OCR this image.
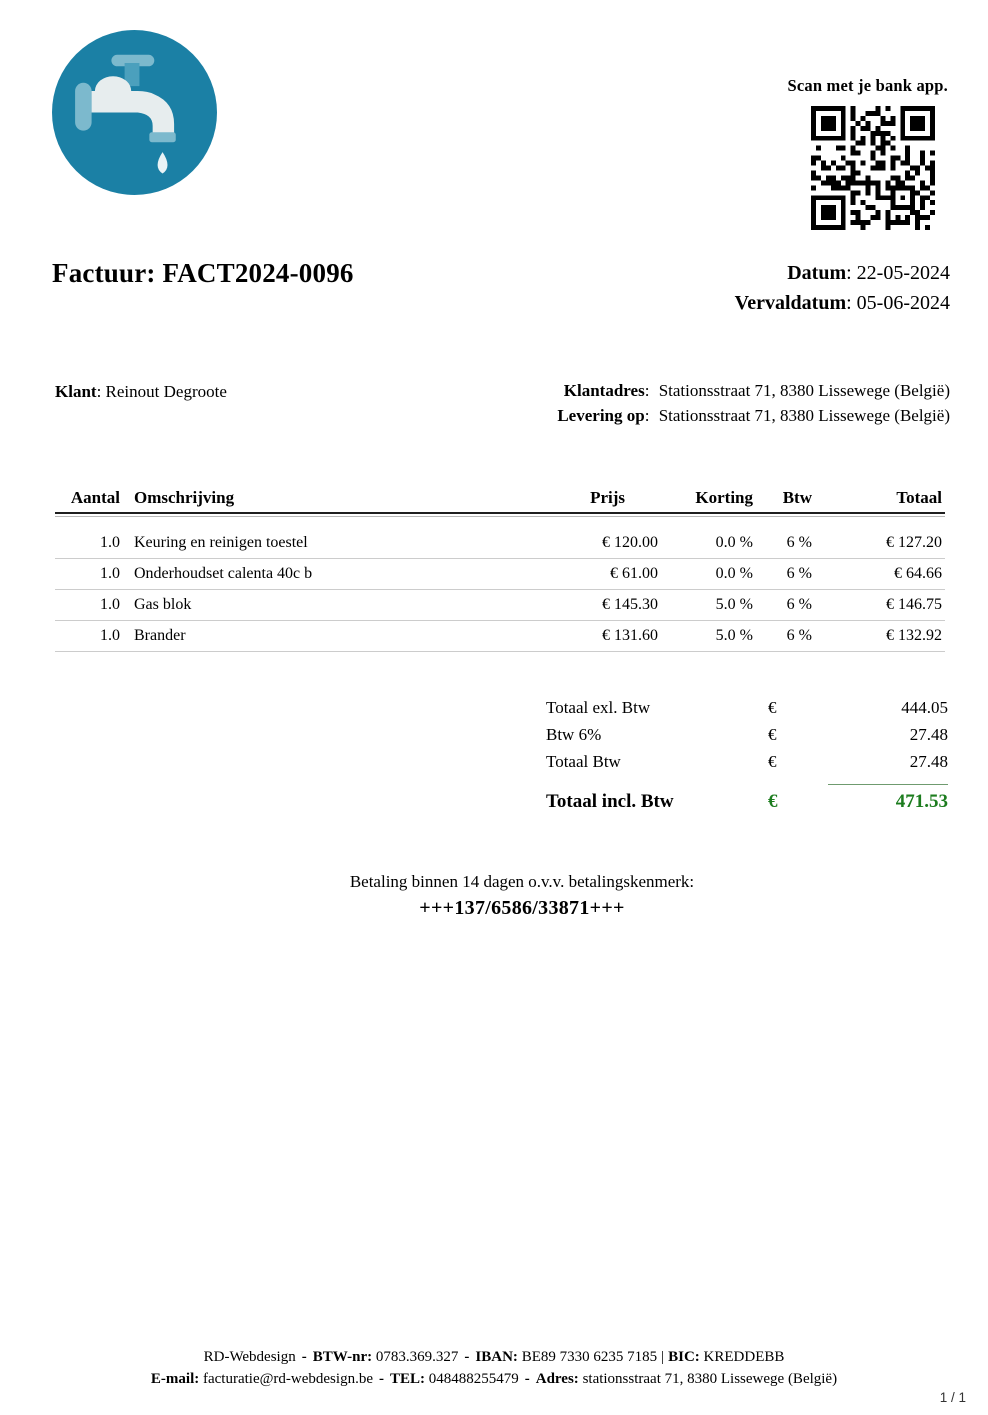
Scan met je bank app.
Factuur: FACT2024-0096	Datum: 22-05-2024
Vervaldatum: 05-06-2024
Klant: Reinout Degroote	Klantadres: Stationsstraat 71, 8380 Lissewege (België)
Levering op: Stationsstraat 71, 8380 Lissewege (België)
Aantal Omschrijving	Prijs	Korting	Btw	Totaal
1.0 Keuring en reinigen toestel	€ 120.00	0.0 %	6 %	€ 127.20
1.0 Onderhoudset calenta 40c b	€ 61.00	0.0 %	6 %	€ 64.66
1.0 Gas blok	€ 145.30	5.0 %	6 %	€ 146.75
1.0 Brander	€ 131.60	5.0 %	6 %	€ 132.92
Totaal exl. Btw	€	444.05
Btw 6%	€	27.48
Totaal Btw	€	27.48
Totaal incl. Btw	€	471.53
Betaling binnen 14 dagen o.v.v. betalingskenmerk:
+++137/6586/33871+++
RD-Webdesign - BTW-nr: 0783.369.327 - IBAN: BE89 7330 6235 7185 | BIC: KREDDEBB
E-mail: facturatie@rd-webdesign.be - TEL: 048488255479 - Adres: stationsstraat 71, 8380 Lissewege (België)
1 / 1
